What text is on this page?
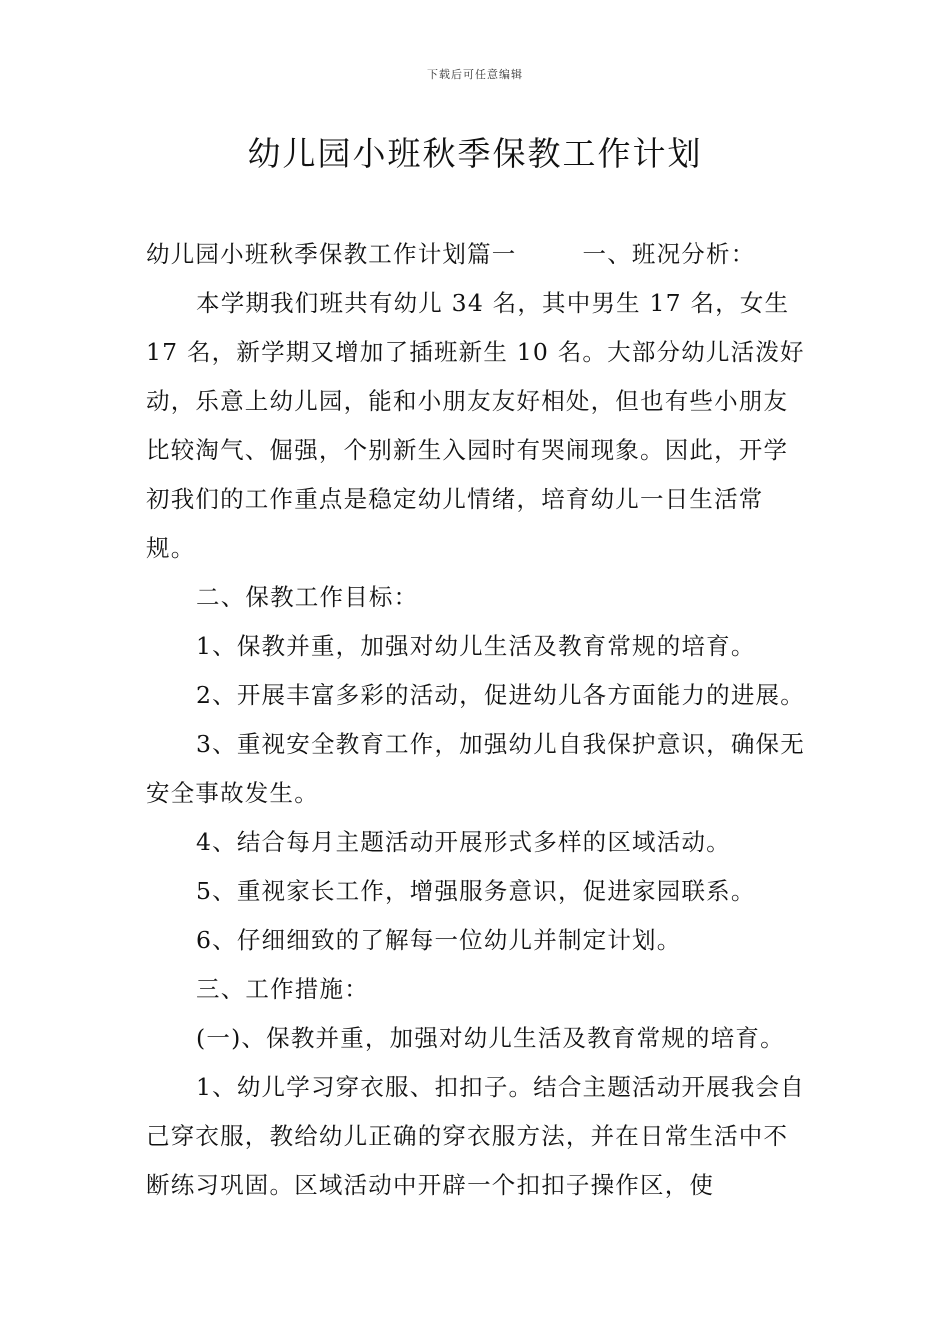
下载后可任意编辑
幼儿园小班秋季保教工作计划

幼儿园小班秋季保教工作计划篇一	一、班况分析：

本学期我们班共有幼儿 34 名，其中男生 17 名，女生 17 名，新学期又增加了插班新生 10 名。大部分幼儿活泼好动，乐意上幼儿园，能和小朋友友好相处，但也有些小朋友比较淘气、倔强，个别新生入园时有哭闹现象。因此，开学初我们的工作重点是稳定幼儿情绪，培育幼儿一日生活常规。

二、保教工作目标：

1、保教并重，加强对幼儿生活及教育常规的培育。

2、开展丰富多彩的活动，促进幼儿各方面能力的进展。

3、重视安全教育工作，加强幼儿自我保护意识，确保无安全事故发生。

4、结合每月主题活动开展形式多样的区域活动。

5、重视家长工作，增强服务意识，促进家园联系。

6、仔细细致的了解每一位幼儿并制定计划。

三、工作措施：

(一)、保教并重，加强对幼儿生活及教育常规的培育。

1、幼儿学习穿衣服、扣扣子。结合主题活动开展我会自己穿衣服，教给幼儿正确的穿衣服方法，并在日常生活中不断练习巩固。区域活动中开辟一个扣扣子操作区，使
